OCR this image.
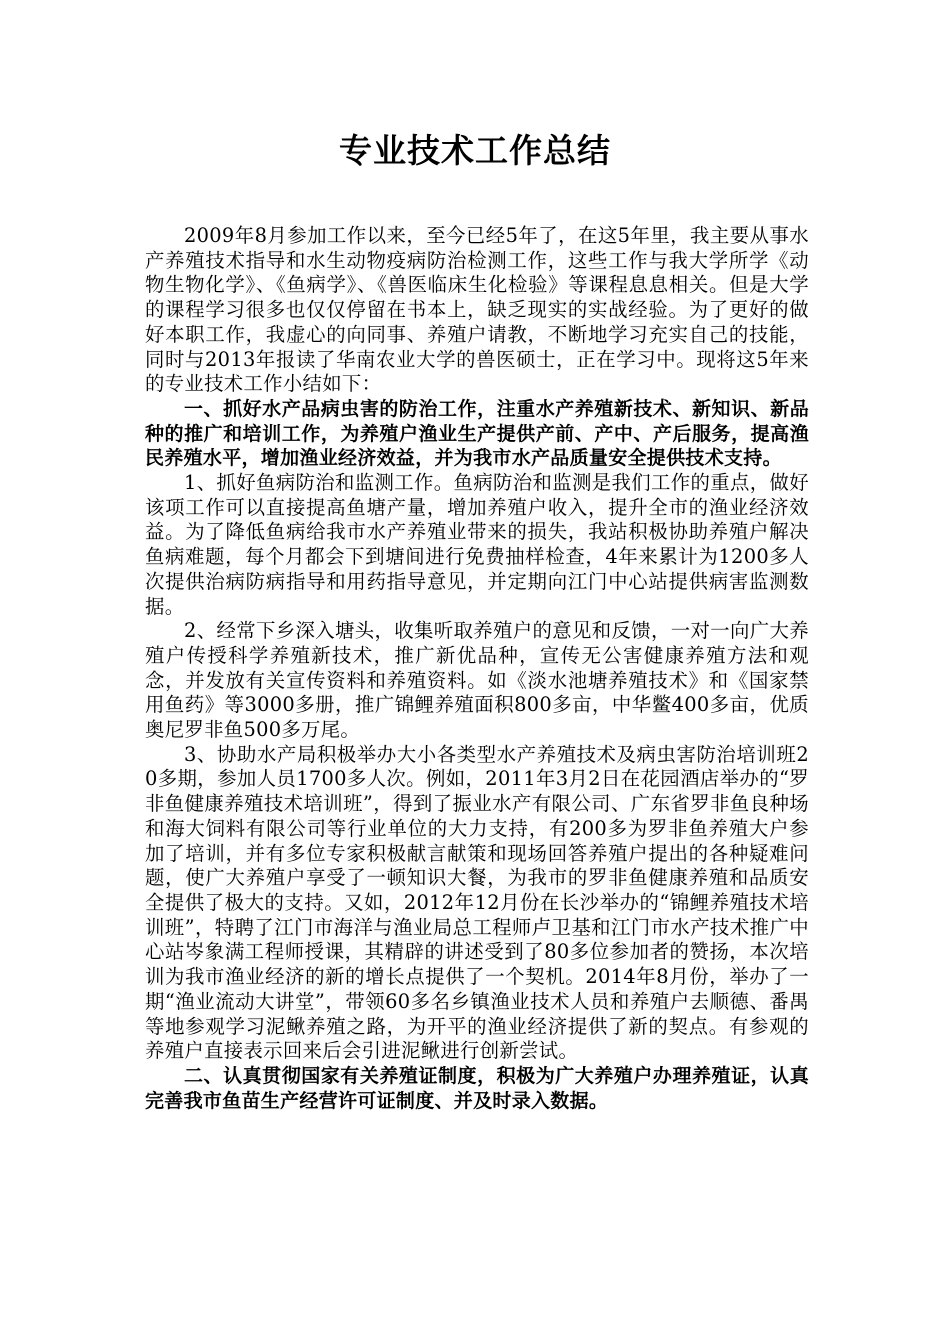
专业技术工作总结

2009年8月参加工作以来，至今已经5年了，在这5年里，我主要从事水产养殖技术指导和水生动物疫病防治检测工作，这些工作与我大学所学《动物生物化学》、《鱼病学》、《兽医临床生化检验》等课程息息相关。但是大学的课程学习很多也仅仅停留在书本上，缺乏现实的实战经验。为了更好的做好本职工作，我虚心的向同事、养殖户请教，不断地学习充实自己的技能，同时与2013年报读了华南农业大学的兽医硕士，正在学习中。现将这5年来的专业技术工作小结如下：

一、抓好水产品病虫害的防治工作，注重水产养殖新技术、新知识、新品种的推广和培训工作，为养殖户渔业生产提供产前、产中、产后服务，提高渔民养殖水平，增加渔业经济效益，并为我市水产品质量安全提供技术支持。

1、抓好鱼病防治和监测工作。鱼病防治和监测是我们工作的重点，做好该项工作可以直接提高鱼塘产量，增加养殖户收入，提升全市的渔业经济效益。为了降低鱼病给我市水产养殖业带来的损失，我站积极协助养殖户解决鱼病难题，每个月都会下到塘间进行免费抽样检查，4年来累计为1200多人次提供治病防病指导和用药指导意见，并定期向江门中心站提供病害监测数据。

2、经常下乡深入塘头，收集听取养殖户的意见和反馈，一对一向广大养殖户传授科学养殖新技术，推广新优品种，宣传无公害健康养殖方法和观念，并发放有关宣传资料和养殖资料。如《淡水池塘养殖技术》和《国家禁用鱼药》等3000多册，推广锦鲤养殖面积800多亩，中华鳖400多亩，优质奥尼罗非鱼500多万尾。

3、协助水产局积极举办大小各类型水产养殖技术及病虫害防治培训班20多期，参加人员1700多人次。例如，2011年3月2日在花园酒店举办的“罗非鱼健康养殖技术培训班”，得到了振业水产有限公司、广东省罗非鱼良种场和海大饲料有限公司等行业单位的大力支持，有200多为罗非鱼养殖大户参加了培训，并有多位专家积极献言献策和现场回答养殖户提出的各种疑难问题，使广大养殖户享受了一顿知识大餐，为我市的罗非鱼健康养殖和品质安全提供了极大的支持。又如，2012年12月份在长沙举办的“锦鲤养殖技术培训班”，特聘了江门市海洋与渔业局总工程师卢卫基和江门市水产技术推广中心站岑象满工程师授课，其精辟的讲述受到了80多位参加者的赞扬，本次培训为我市渔业经济的新的增长点提供了一个契机。2014年8月份，举办了一期“渔业流动大讲堂”，带领60多名乡镇渔业技术人员和养殖户去顺德、番禺等地参观学习泥鳅养殖之路，为开平的渔业经济提供了新的契点。有参观的养殖户直接表示回来后会引进泥鳅进行创新尝试。

二、认真贯彻国家有关养殖证制度，积极为广大养殖户办理养殖证，认真完善我市鱼苗生产经营许可证制度、并及时录入数据。
